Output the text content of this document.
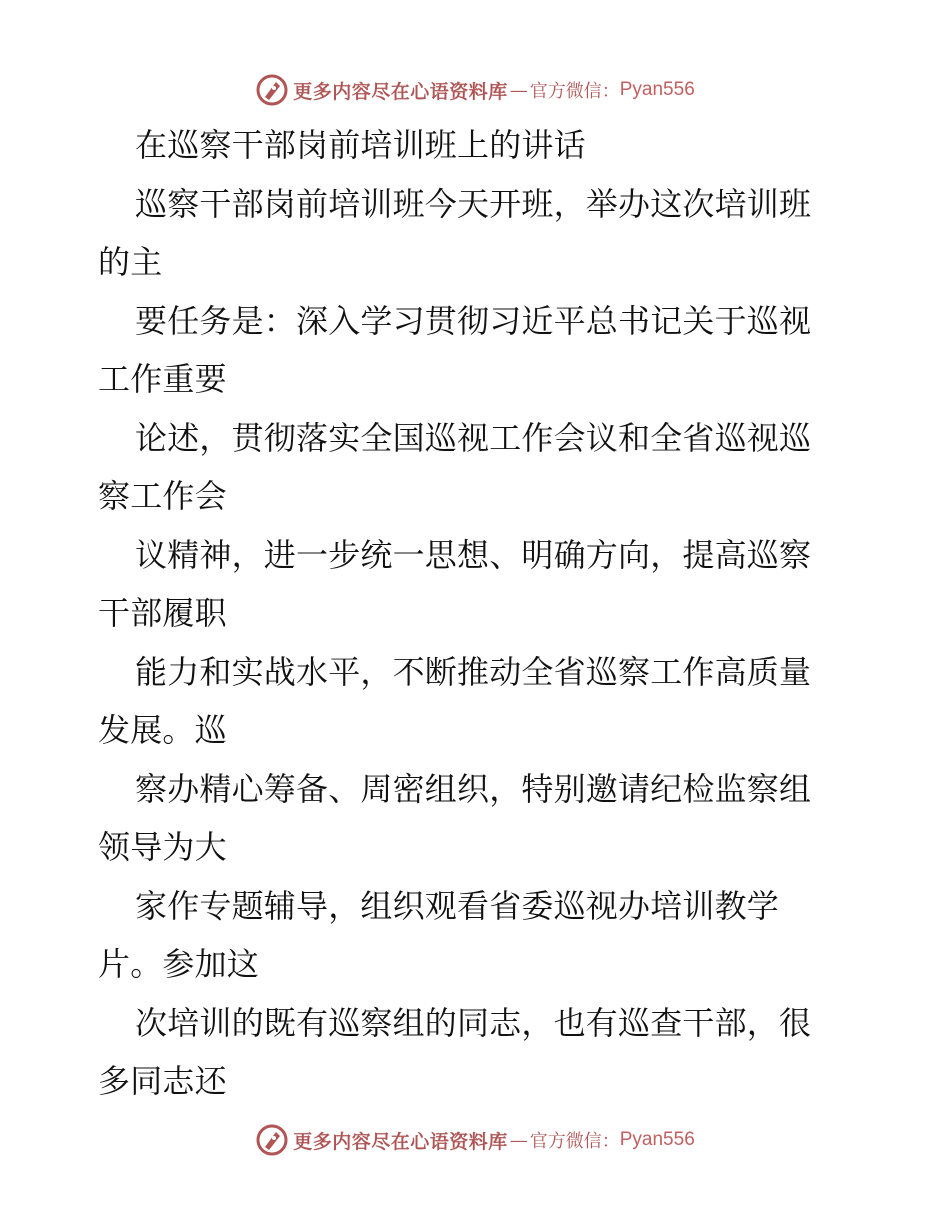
更多内容尽在心语资料库 — 官方微信： Pyan556
在巡察干部岗前培训班上的讲话
巡察干部岗前培训班今天开班，举办这次培训班
的主
要任务是：深入学习贯彻习近平总书记关于巡视
工作重要
论述，贯彻落实全国巡视工作会议和全省巡视巡
察工作会
议精神，进一步统一思想、明确方向，提高巡察
干部履职
能力和实战水平，不断推动全省巡察工作高质量
发展。巡
察办精心筹备、周密组织，特别邀请纪检监察组
领导为大
家作专题辅导，组织观看省委巡视办培训教学
片。参加这
次培训的既有巡察组的同志，也有巡查干部，很
多同志还
更多内容尽在心语资料库 — 官方微信： Pyan556
